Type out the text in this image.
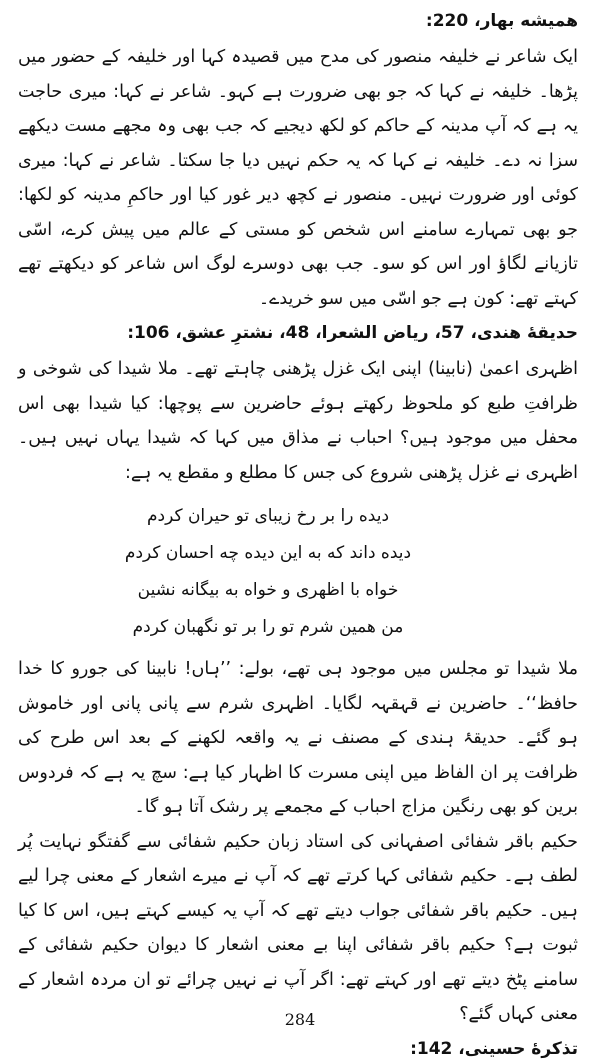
همیشه بهار، 220:

ایک شاعر نے خلیفہ منصور کی مدح میں قصیدہ کہا اور خلیفہ کے حضور میں پڑھا۔ خلیفہ نے کہا کہ جو بھی ضرورت ہے کہو۔ شاعر نے کہا: میری حاجت یہ ہے کہ آپ مدینہ کے حاکم کو لکھ دیجیے کہ جب بھی وہ مجھے مست دیکھے سزا نہ دے۔ خلیفہ نے کہا کہ یہ حکم نہیں دیا جا سکتا۔ شاعر نے کہا: میری کوئی اور ضرورت نہیں۔ منصور نے کچھ دیر غور کیا اور حاکمِ مدینہ کو لکھا: جو بھی تمہارے سامنے اس شخص کو مستی کے عالم میں پیش کرے، اسّی تازیانے لگاؤ اور اس کو سو۔ جب بھی دوسرے لوگ اس شاعر کو دیکھتے تھے کہتے تھے: کون ہے جو اسّی میں سو خریدے۔

حدیقهٔ هندی، 57، ریاض الشعرا، 48، نشترِ عشق، 106:

اظہری اعمیٰ (نابینا) اپنی ایک غزل پڑھنی چاہتے تھے۔ ملا شیدا کی شوخی و ظرافتِ طبع کو ملحوظ رکھتے ہوئے حاضرین سے پوچھا: کیا شیدا بھی اس محفل میں موجود ہیں؟ احباب نے مذاق میں کہا کہ شیدا یہاں نہیں ہیں۔ اظہری نے غزل پڑھنی شروع کی جس کا مطلع و مقطع یہ ہے:

دیده را بر رخ زیبای تو حیران کردم
دیده داند که به این دیده چه احسان کردم
خواه با اظهری و خواه به بیگانه نشین
من همین شرم تو را بر تو نگهبان کردم

ملا شیدا تو مجلس میں موجود ہی تھے، بولے: ’’ہاں! نابینا کی جورو کا خدا حافظ‘‘۔ حاضرین نے قہقہہ لگایا۔ اظہری شرم سے پانی پانی اور خاموش ہو گئے۔ حدیقۂ ہندی کے مصنف نے یہ واقعہ لکھنے کے بعد اس طرح کی ظرافت پر ان الفاظ میں اپنی مسرت کا اظہار کیا ہے: سچ یہ ہے کہ فردوس برین کو بھی رنگین مزاج احباب کے مجمعے پر رشک آتا ہو گا۔

حکیم باقر شفائی اصفہانی کی استاد زبان حکیم شفائی سے گفتگو نہایت پُر لطف ہے۔ حکیم شفائی کہا کرتے تھے کہ آپ نے میرے اشعار کے معنی چرا لیے ہیں۔ حکیم باقر شفائی جواب دیتے تھے کہ آپ یہ کیسے کہتے ہیں، اس کا کیا ثبوت ہے؟ حکیم باقر شفائی اپنا بے معنی اشعار کا دیوان حکیم شفائی کے سامنے پٹخ دیتے تھے اور کہتے تھے: اگر آپ نے نہیں چرائے تو ان مردہ اشعار کے معنی کہاں گئے؟

تذکرهٔ حسینی، 142:
284
